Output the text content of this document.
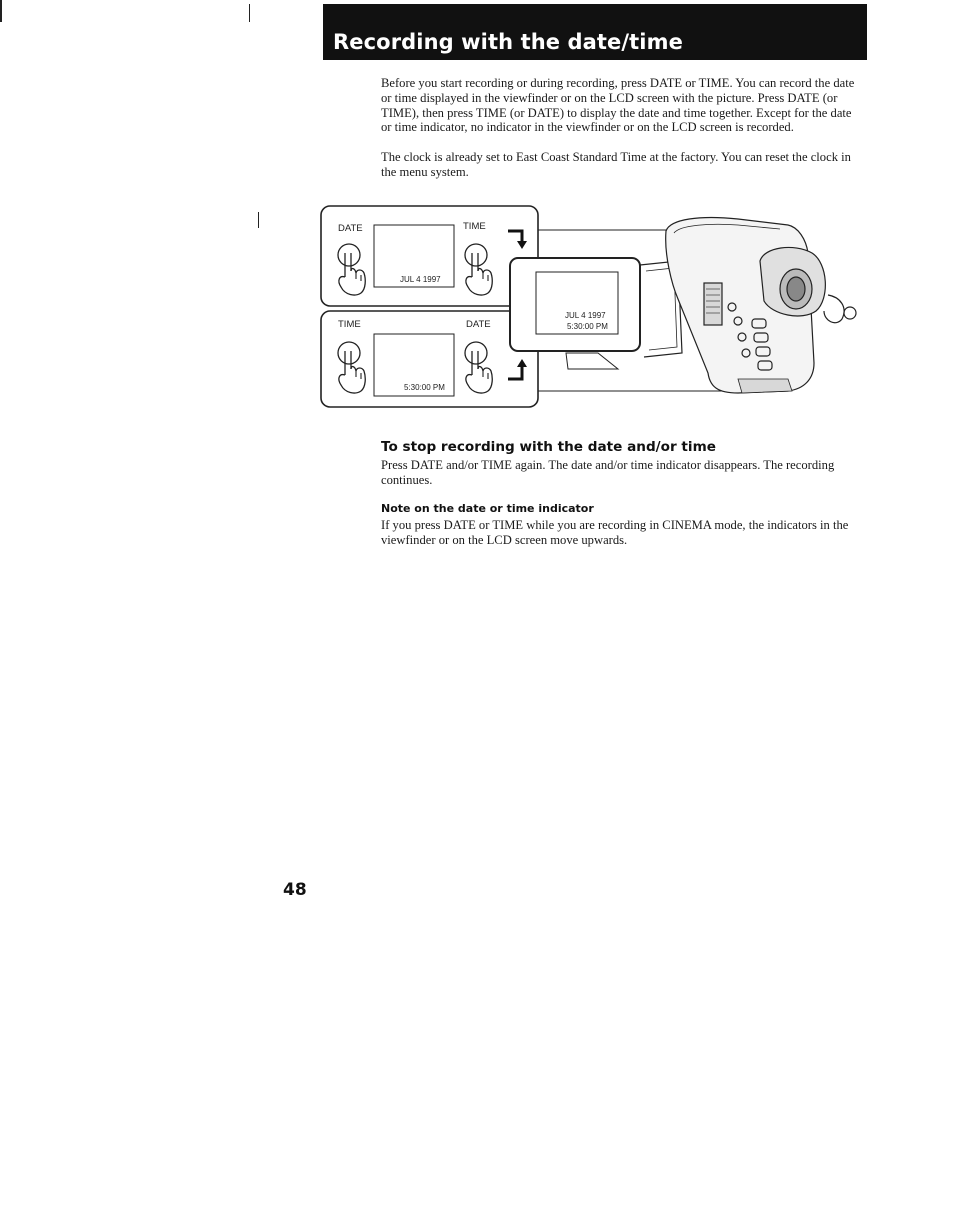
Recording with the date/time

Before you start recording or during recording, press DATE or TIME. You can record the date or time displayed in the viewfinder or on the LCD screen with the picture. Press DATE (or TIME), then press TIME (or DATE) to display the date and time together. Except for the date or time indicator, no indicator in the viewfinder or on the LCD screen is recorded.

The clock is already set to East Coast Standard Time at the factory. You can reset the clock in the menu system.

DATE	TIME
JUL 4 1997
TIME	DATE
5:30:00 PM
JUL 4 1997
5:30:00 PM
To stop recording with the date and/or time

Press DATE and/or TIME again. The date and/or time indicator disappears. The recording continues.

Note on the date or time indicator

If you press DATE or TIME while you are recording in CINEMA mode, the indicators in the viewfinder or on the LCD screen move upwards.

48
